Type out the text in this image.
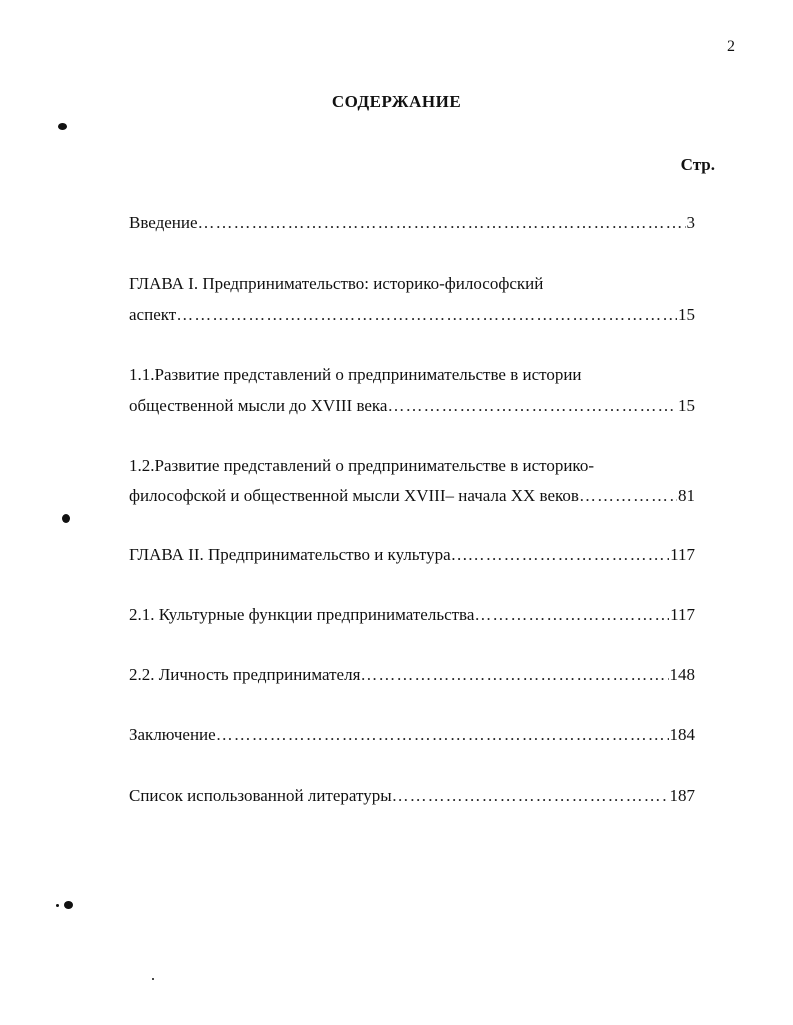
2
СОДЕРЖАНИЕ
Стр.
Введение ……………………………………………………………………………………………………………………………………………………	3
ГЛАВА I. Предпринимательство: историко-философский
аспект ……………………………………………………………………………………………………………………………………………………	15
1.1.Развитие представлений о предпринимательстве в истории
общественной мысли до XVIII века ……………………………………………………………………………………………………………………………………………………	15
1.2.Развитие представлений о предпринимательстве в историко-
философской и общественной мысли XVIII– начала XX веков ……………………………………………………………………………………………………………………………………………………	81
ГЛАВА II. Предпринимательство и культура… ……………………………………………………………………………………………………………………………………………………	117
2.1. Культурные функции предпринимательства ……………………………………………………………………………………………………………………………………………………	117
2.2. Личность предпринимателя ……………………………………………………………………………………………………………………………………………………	148
Заключение ……………………………………………………………………………………………………………………………………………………	184
Список использованной литературы ……………………………………………………………………………………………………………………………………………………	187
